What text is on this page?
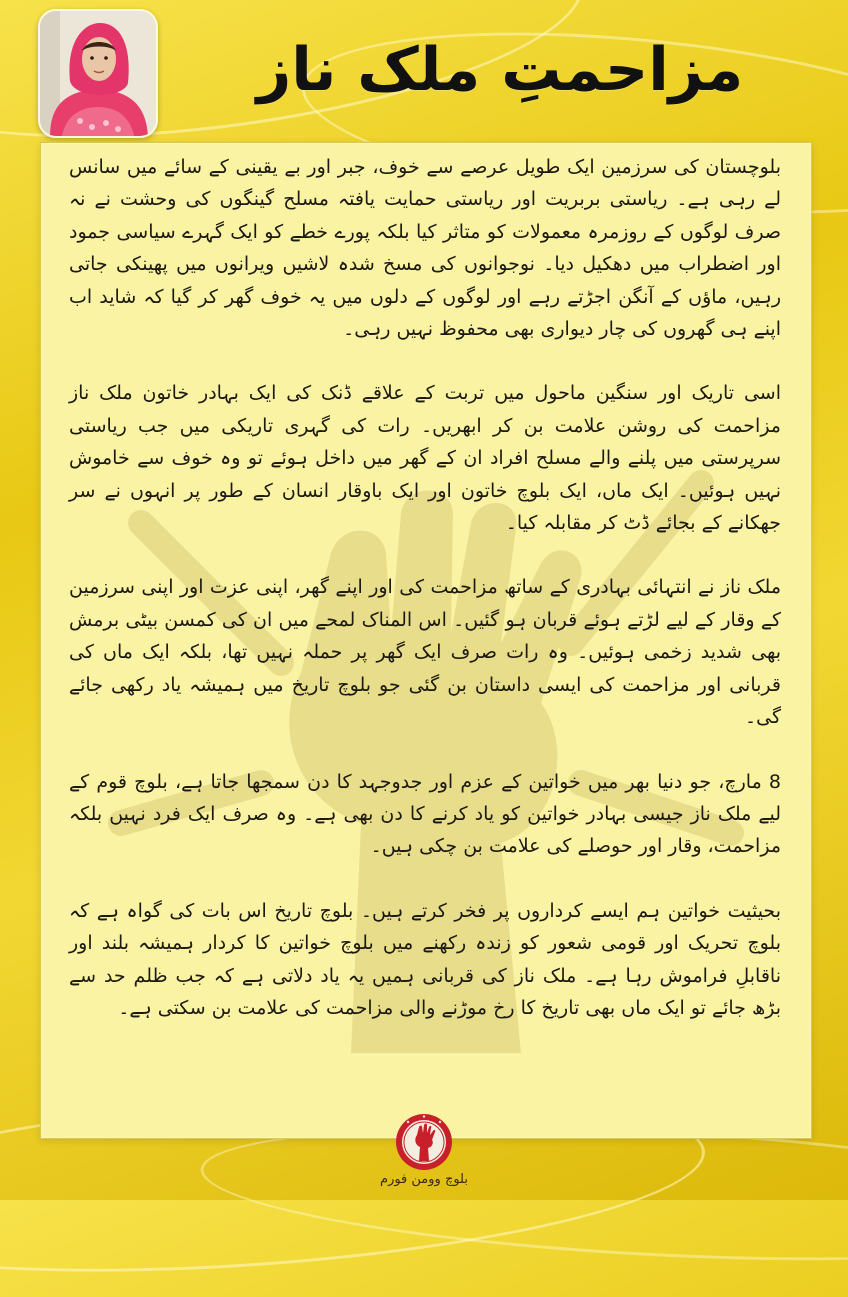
مزاحمتِ ملک ناز

بلوچستان کی سرزمین ایک طویل عرصے سے خوف، جبر اور بے یقینی کے سائے میں سانس لے رہی ہے۔ ریاستی بربریت اور ریاستی حمایت یافتہ مسلح گینگوں کی وحشت نے نہ صرف لوگوں کے روزمرہ معمولات کو متاثر کیا بلکہ پورے خطے کو ایک گہرے سیاسی جمود اور اضطراب میں دھکیل دیا۔ نوجوانوں کی مسخ شدہ لاشیں ویرانوں میں پھینکی جاتی رہیں، ماؤں کے آنگن اجڑتے رہے اور لوگوں کے دلوں میں یہ خوف گھر کر گیا کہ شاید اب اپنے ہی گھروں کی چار دیواری بھی محفوظ نہیں رہی۔

اسی تاریک اور سنگین ماحول میں تربت کے علاقے ڈنک کی ایک بہادر خاتون ملک ناز مزاحمت کی روشن علامت بن کر ابھریں۔ رات کی گہری تاریکی میں جب ریاستی سرپرستی میں پلنے والے مسلح افراد ان کے گھر میں داخل ہوئے تو وہ خوف سے خاموش نہیں ہوئیں۔ ایک ماں، ایک بلوچ خاتون اور ایک باوقار انسان کے طور پر انہوں نے سر جھکانے کے بجائے ڈٹ کر مقابلہ کیا۔

ملک ناز نے انتہائی بہادری کے ساتھ مزاحمت کی اور اپنے گھر، اپنی عزت اور اپنی سرزمین کے وقار کے لیے لڑتے ہوئے قربان ہو گئیں۔ اس المناک لمحے میں ان کی کمسن بیٹی برمش بھی شدید زخمی ہوئیں۔ وہ رات صرف ایک گھر پر حملہ نہیں تھا، بلکہ ایک ماں کی قربانی اور مزاحمت کی ایسی داستان بن گئی جو بلوچ تاریخ میں ہمیشہ یاد رکھی جائے گی۔

8 مارچ، جو دنیا بھر میں خواتین کے عزم اور جدوجہد کا دن سمجھا جاتا ہے، بلوچ قوم کے لیے ملک ناز جیسی بہادر خواتین کو یاد کرنے کا دن بھی ہے۔ وہ صرف ایک فرد نہیں بلکہ مزاحمت، وقار اور حوصلے کی علامت بن چکی ہیں۔

بحیثیت خواتین ہم ایسے کرداروں پر فخر کرتے ہیں۔ بلوچ تاریخ اس بات کی گواہ ہے کہ بلوچ تحریک اور قومی شعور کو زندہ رکھنے میں بلوچ خواتین کا کردار ہمیشہ بلند اور ناقابلِ فراموش رہا ہے۔ ملک ناز کی قربانی ہمیں یہ یاد دلاتی ہے کہ جب ظلم حد سے بڑھ جائے تو ایک ماں بھی تاریخ کا رخ موڑنے والی مزاحمت کی علامت بن سکتی ہے۔

بلوچ وومن فورم
